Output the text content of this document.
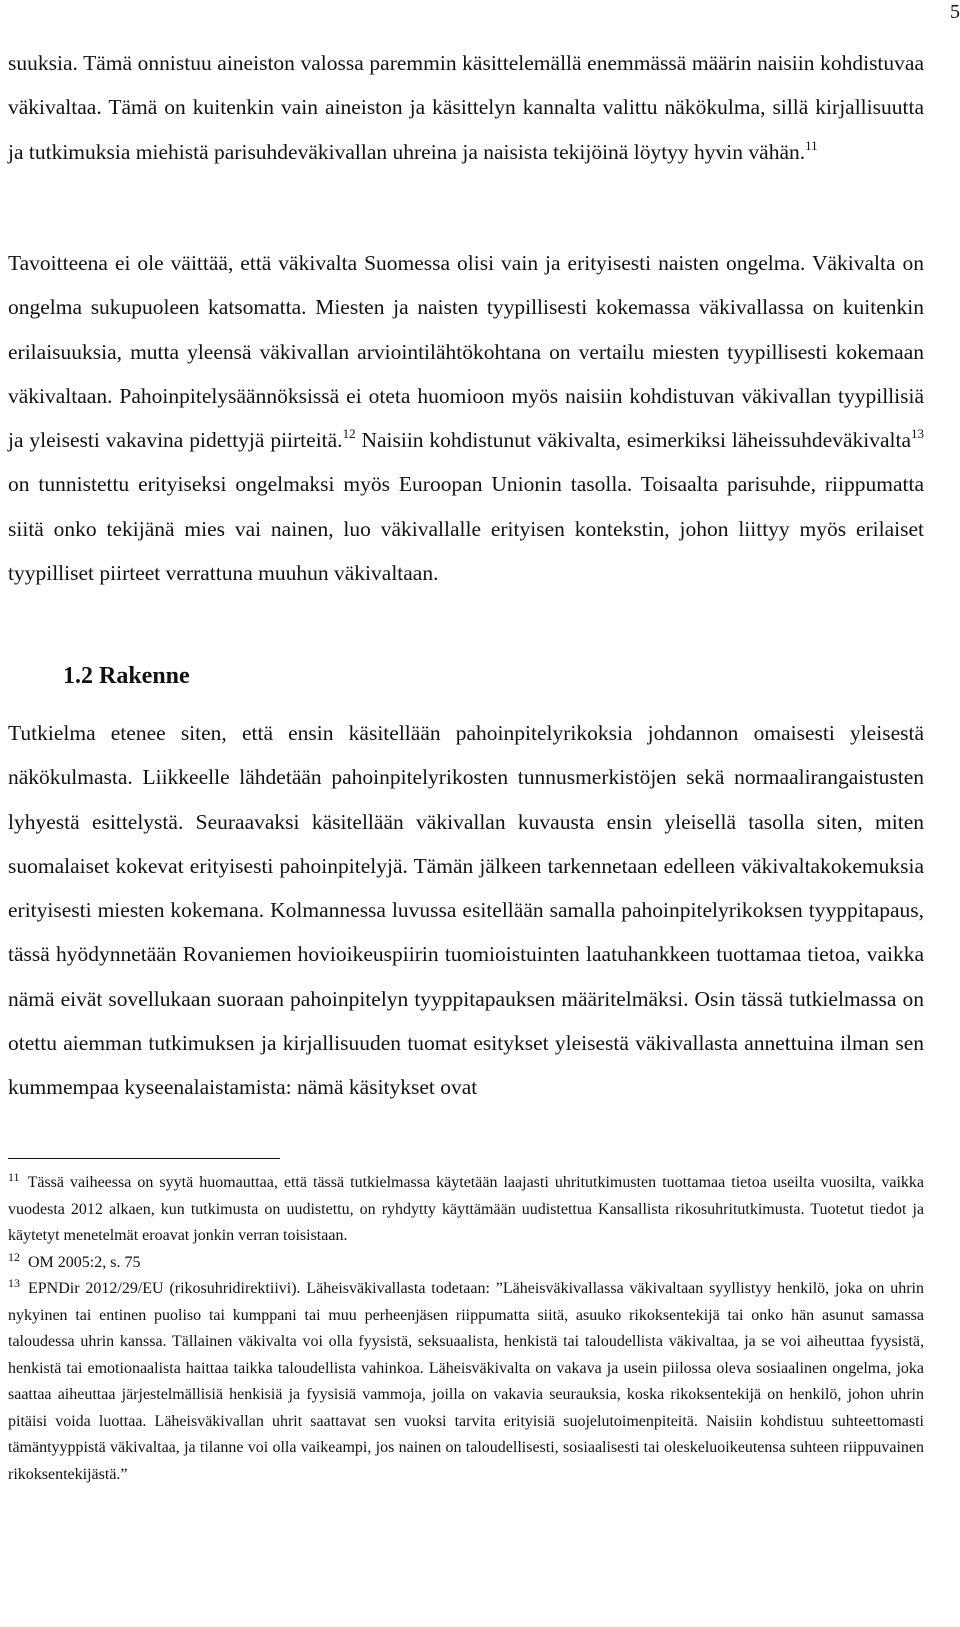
5

suuksia. Tämä onnistuu aineiston valossa paremmin käsittelemällä enemmässä määrin naisiin kohdistuvaa väkivaltaa. Tämä on kuitenkin vain aineiston ja käsittelyn kannalta valittu näkökulma, sillä kirjallisuutta ja tutkimuksia miehistä parisuhdeväkivallan uhreina ja naisista tekijöinä löytyy hyvin vähän.$^{11}$

Tavoitteena ei ole väittää, että väkivalta Suomessa olisi vain ja erityisesti naisten ongelma. Väkivalta on ongelma sukupuoleen katsomatta. Miesten ja naisten tyypillisesti kokemassa väkivallassa on kuitenkin erilaisuuksia, mutta yleensä väkivallan arviointilähtökohtana on vertailu miesten tyypillisesti kokemaan väkivaltaan. Pahoinpitelysäännöksissä ei oteta huomioon myös naisiin kohdistuvan väkivallan tyypillisiä ja yleisesti vakavina pidettyjä piirteitä.$^{12}$ Naisiin kohdistunut väkivalta, esimerkiksi läheissuhdeväkivalta$^{13}$ on tunnistettu erityiseksi ongelmaksi myös Euroopan Unionin tasolla. Toisaalta parisuhde, riippumatta siitä onko tekijänä mies vai nainen, luo väkivallalle erityisen kontekstin, johon liittyy myös erilaiset tyypilliset piirteet verrattuna muuhun väkivaltaan.

1.2 Rakenne

Tutkielma etenee siten, että ensin käsitellään pahoinpitelyrikoksia johdannon omaisesti yleisestä näkökulmasta. Liikkeelle lähdetään pahoinpitelyrikosten tunnusmerkistöjen sekä normaalirangaistusten lyhyestä esittelystä. Seuraavaksi käsitellään väkivallan kuvausta ensin yleisellä tasolla siten, miten suomalaiset kokevat erityisesti pahoinpitelyjä. Tämän jälkeen tarkennetaan edelleen väkivaltakokemuksia erityisesti miesten kokemana. Kolmannessa luvussa esitellään samalla pahoinpitelyrikoksen tyyppitapaus, tässä hyödynnetään Rovaniemen hovioikeuspiirin tuomioistuinten laatuhankkeen tuottamaa tietoa, vaikka nämä eivät sovellukaan suoraan pahoinpitelyn tyyppitapauksen määritelmäksi. Osin tässä tutkielmassa on otettu aiemman tutkimuksen ja kirjallisuuden tuomat esitykset yleisestä väkivallasta annettuina ilman sen kummempaa kyseenalaistamista: nämä käsitykset ovat

$^{11}$ Tässä vaiheessa on syytä huomauttaa, että tässä tutkielmassa käytetään laajasti uhritutkimusten tuottamaa tietoa useilta vuosilta, vaikka vuodesta 2012 alkaen, kun tutkimusta on uudistettu, on ryhdytty käyttämään uudistettua Kansallista rikosuhritutkimusta. Tuotetut tiedot ja käytetyt menetelmät eroavat jonkin verran toisistaan.

$^{12}$ OM 2005:2, s. 75

$^{13}$ EPNDir 2012/29/EU (rikosuhridirektiivi). Läheisväkivallasta todetaan: ”Läheisväkivallassa väkivaltaan syyllistyy henkilö, joka on uhrin nykyinen tai entinen puoliso tai kumppani tai muu perheenjäsen riippumatta siitä, asuuko rikoksentekijä tai onko hän asunut samassa taloudessa uhrin kanssa. Tällainen väkivalta voi olla fyysistä, seksuaalista, henkistä tai taloudellista väkivaltaa, ja se voi aiheuttaa fyysistä, henkistä tai emotionaalista haittaa taikka taloudellista vahinkoa. Läheisväkivalta on vakava ja usein piilossa oleva sosiaalinen ongelma, joka saattaa aiheuttaa järjestelmällisiä henkisiä ja fyysisiä vammoja, joilla on vakavia seurauksia, koska rikoksentekijä on henkilö, johon uhrin pitäisi voida luottaa. Läheisväkivallan uhrit saattavat sen vuoksi tarvita erityisiä suojelutoimenpiteitä. Naisiin kohdistuu suhteettomasti tämäntyyppistä väkivaltaa, ja tilanne voi olla vaikeampi, jos nainen on taloudellisesti, sosiaalisesti tai oleskeluoikeutensa suhteen riippuvainen rikoksentekijästä.”
